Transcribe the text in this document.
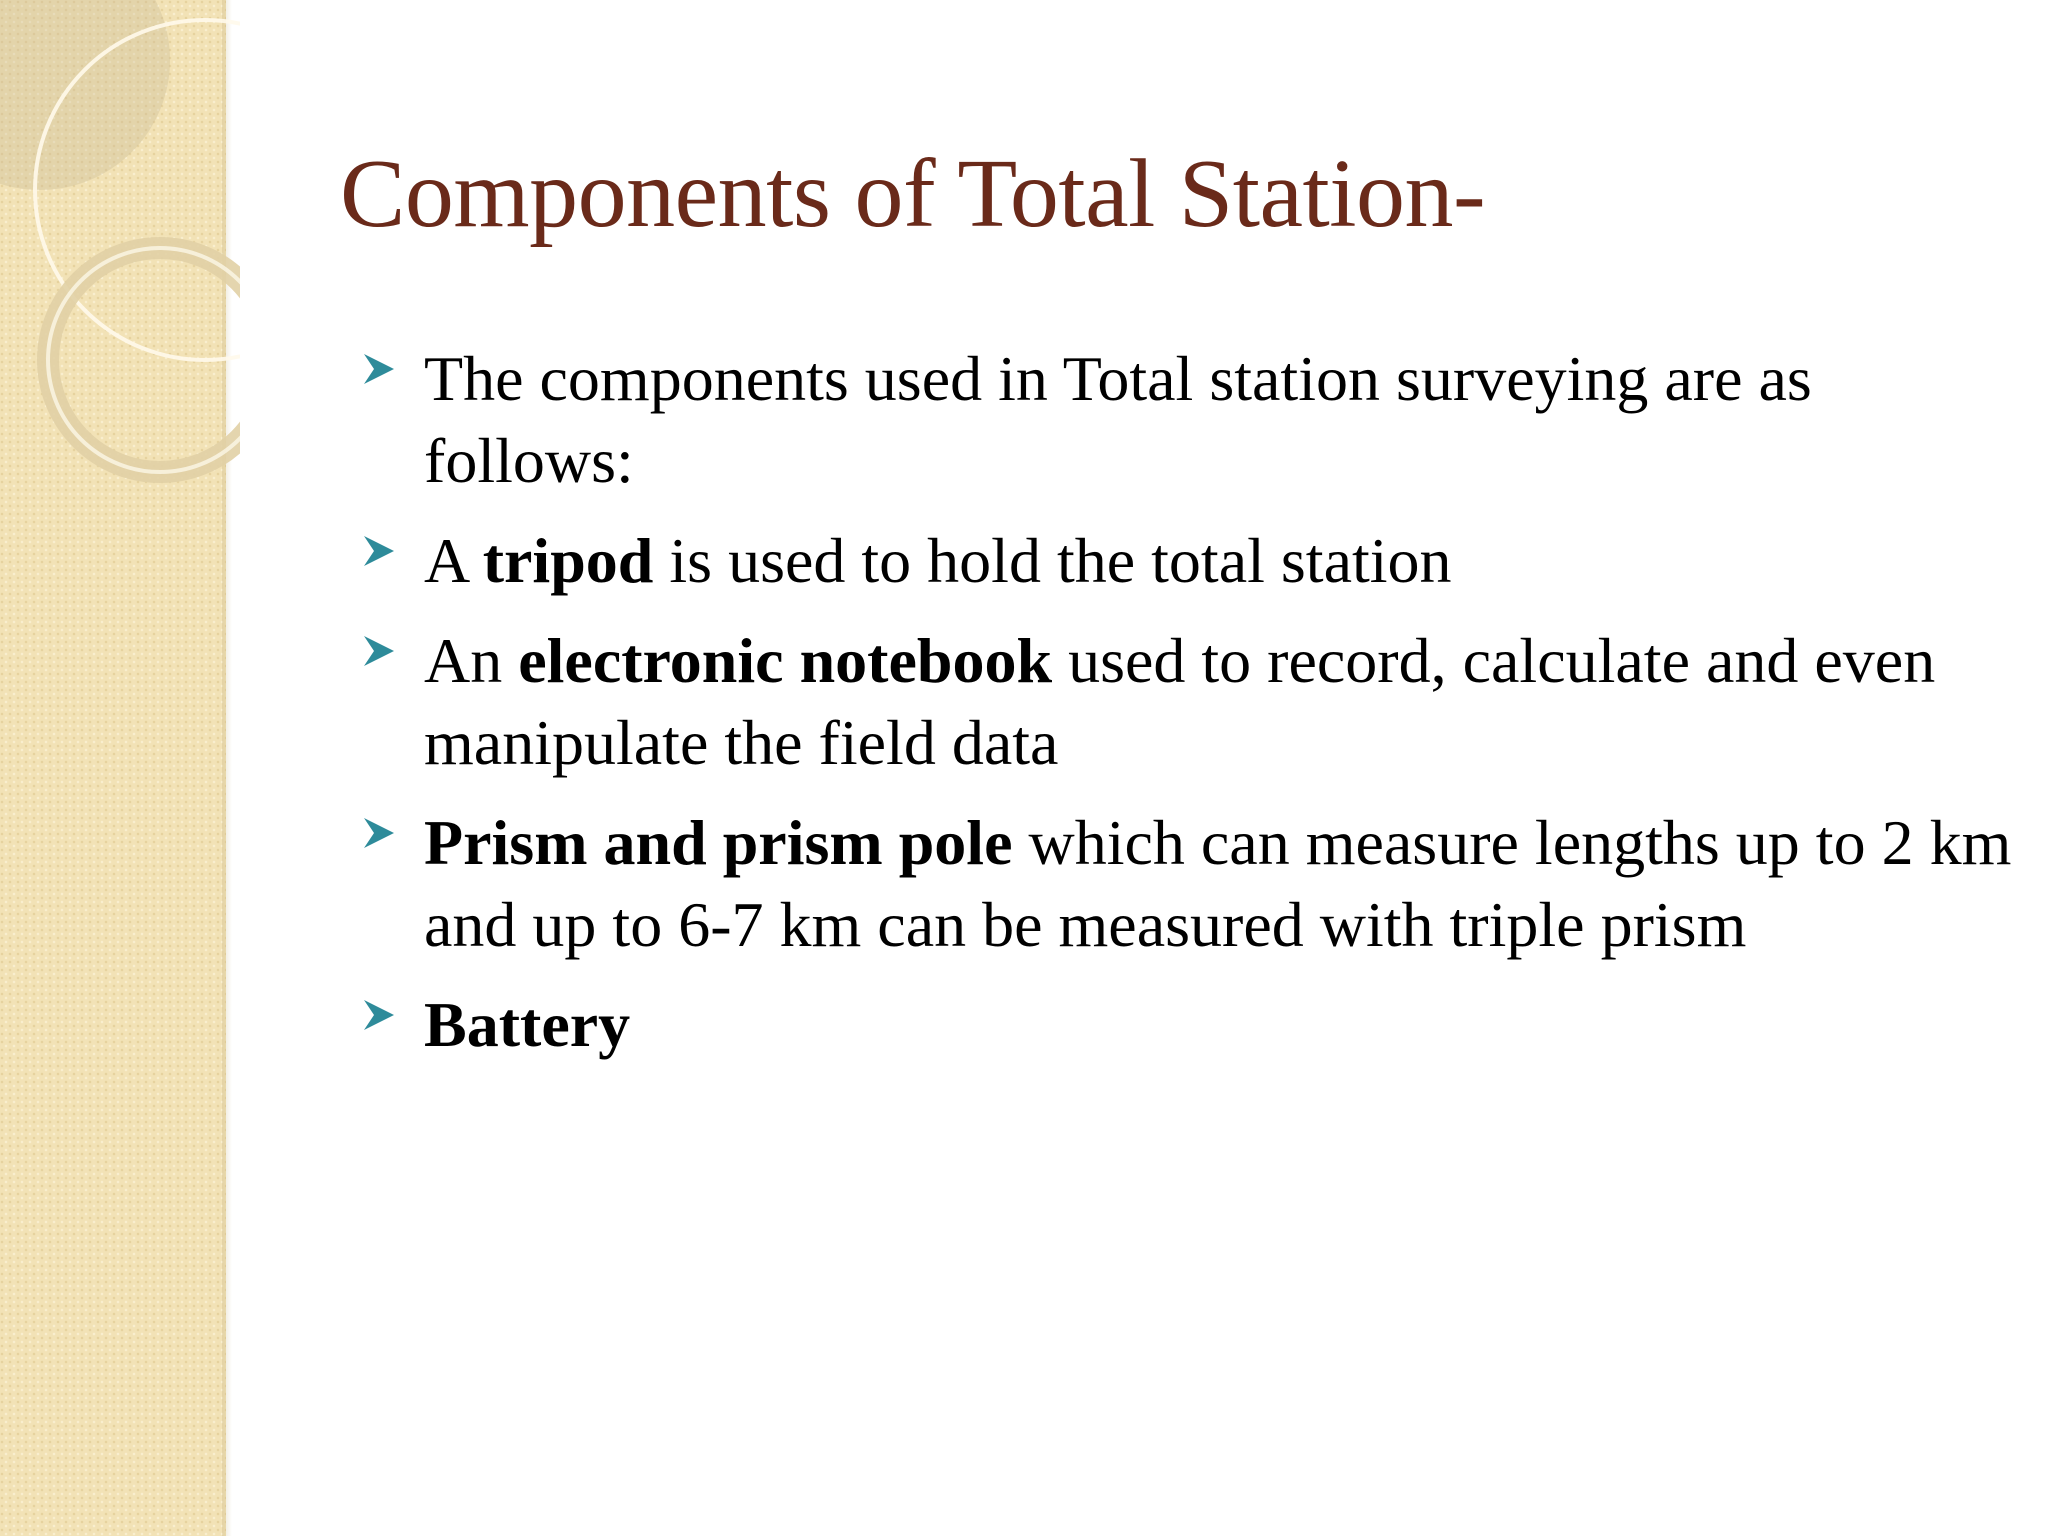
Components of Total Station-
The components used in Total station surveying are as follows:
A tripod is used to hold the total station
An electronic notebook used to record, calculate and even manipulate the field data
Prism and prism pole which can measure lengths up to 2 km and up to 6-7 km can be measured with triple prism
Battery
